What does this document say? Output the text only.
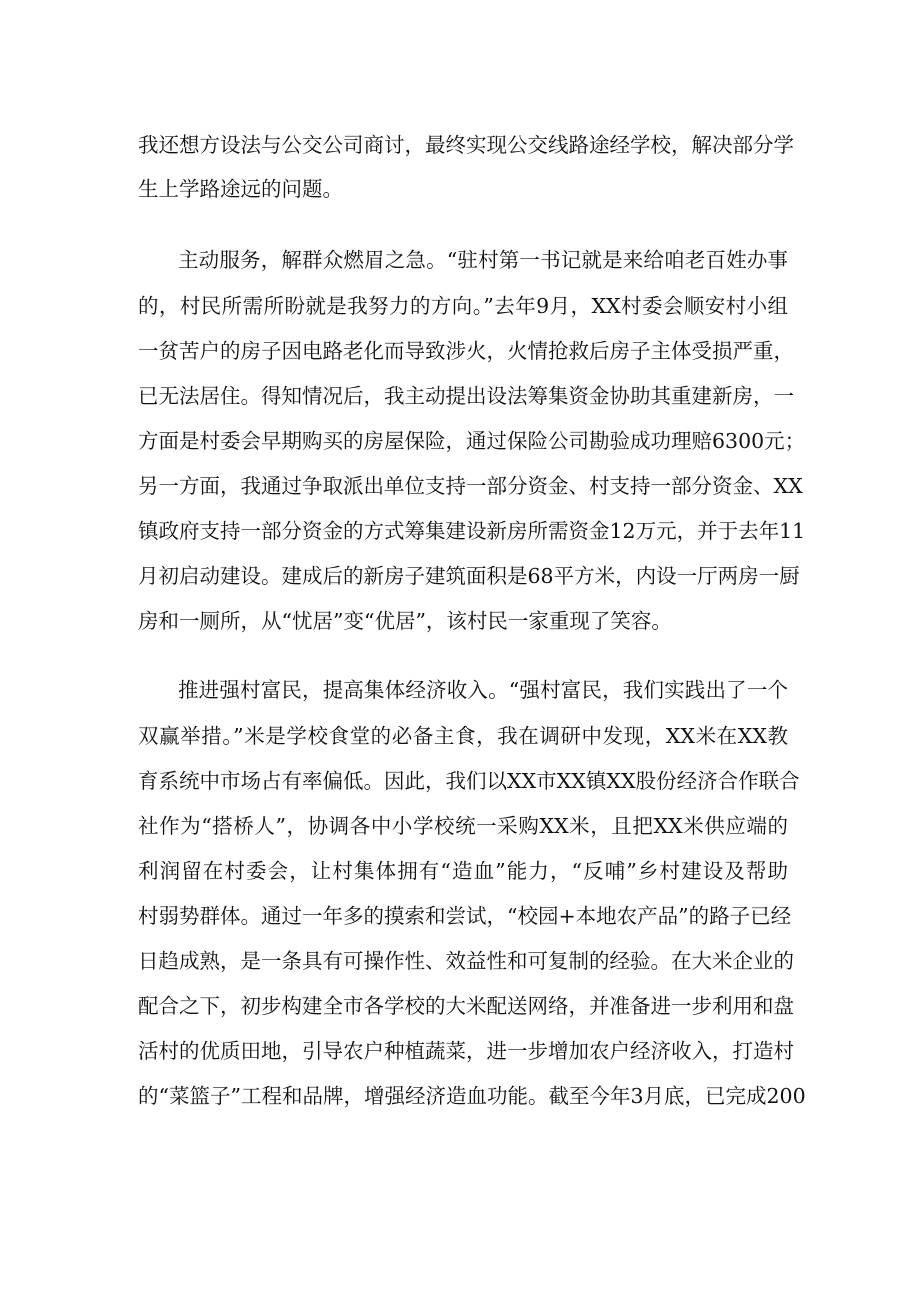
我还想方设法与公交公司商讨，最终实现公交线路途经学校，解决部分学
生上学路途远的问题。
主动服务，解群众燃眉之急。“驻村第一书记就是来给咱老百姓办事
的，村民所需所盼就是我努力的方向。”去年9月，XX村委会顺安村小组
一贫苦户的房子因电路老化而导致涉火，火情抢救后房子主体受损严重，
已无法居住。得知情况后，我主动提出设法筹集资金协助其重建新房，一
方面是村委会早期购买的房屋保险，通过保险公司勘验成功理赔6300元；
另一方面，我通过争取派出单位支持一部分资金、村支持一部分资金、XX
镇政府支持一部分资金的方式筹集建设新房所需资金12万元，并于去年11
月初启动建设。建成后的新房子建筑面积是68平方米，内设一厅两房一厨
房和一厕所，从“忧居”变“优居”，该村民一家重现了笑容。
推进强村富民，提高集体经济收入。“强村富民，我们实践出了一个
双赢举措。”米是学校食堂的必备主食，我在调研中发现，XX米在XX教
育系统中市场占有率偏低。因此，我们以XX市XX镇XX股份经济合作联合
社作为“搭桥人”，协调各中小学校统一采购XX米，且把XX米供应端的
利润留在村委会，让村集体拥有“造血”能力，“反哺”乡村建设及帮助
村弱势群体。通过一年多的摸索和尝试，“校园+本地农产品”的路子已经
日趋成熟，是一条具有可操作性、效益性和可复制的经验。在大米企业的
配合之下，初步构建全市各学校的大米配送网络，并准备进一步利用和盘
活村的优质田地，引导农户种植蔬菜，进一步增加农户经济收入，打造村
的“菜篮子”工程和品牌，增强经济造血功能。截至今年3月底，已完成200
